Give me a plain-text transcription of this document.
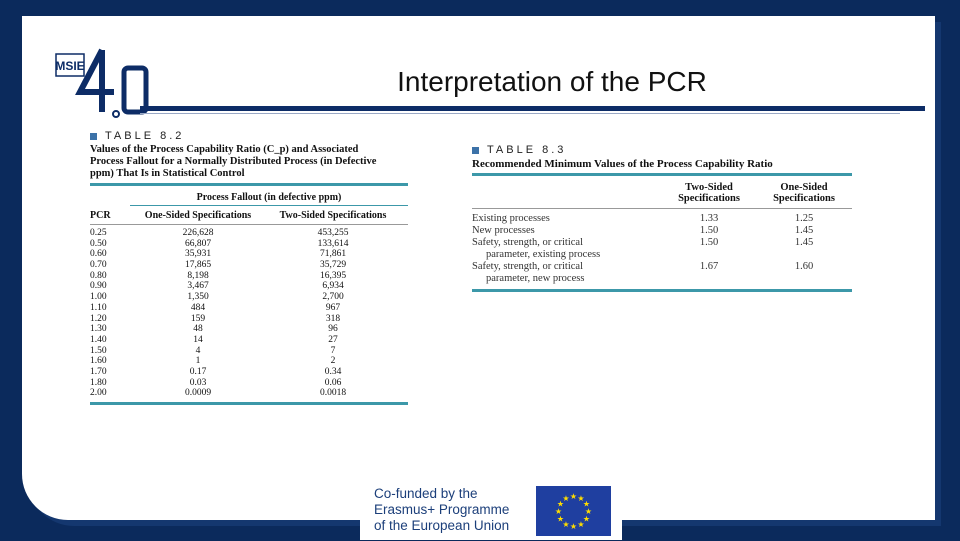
MSIE	Interpretation of the PCR
TABLE 8.2
Values of the Process Capability Ratio (C_p) and Associated
Process Fallout for a Normally Distributed Process (in Defective
ppm) That Is in Statistical Control
Process Fallout (in defective ppm)
PCR	One-Sided Specifications	Two-Sided Specifications
0.25	226,628	453,255
0.50	66,807	133,614
0.60	35,931	71,861
0.70	17,865	35,729
0.80	8,198	16,395
0.90	3,467	6,934
1.00	1,350	2,700
1.10	484	967
1.20	159	318
1.30	48	96
1.40	14	27
1.50	4	7
1.60	1	2
1.70	0.17	0.34
1.80	0.03	0.06
2.00	0.0009	0.0018
TABLE 8.3
Recommended Minimum Values of the Process Capability Ratio
Two-Sided Specifications
One-Sided Specifications
Existing processes	1.33	1.25
New processes	1.50	1.45
Safety, strength, or critical	1.50	1.45
parameter, existing process
Safety, strength, or critical	1.67	1.60
parameter, new process
Co-funded by the
Erasmus+ Programme
of the European Union
★ ★
★
★
★
★
★
★
★
★
★
★
